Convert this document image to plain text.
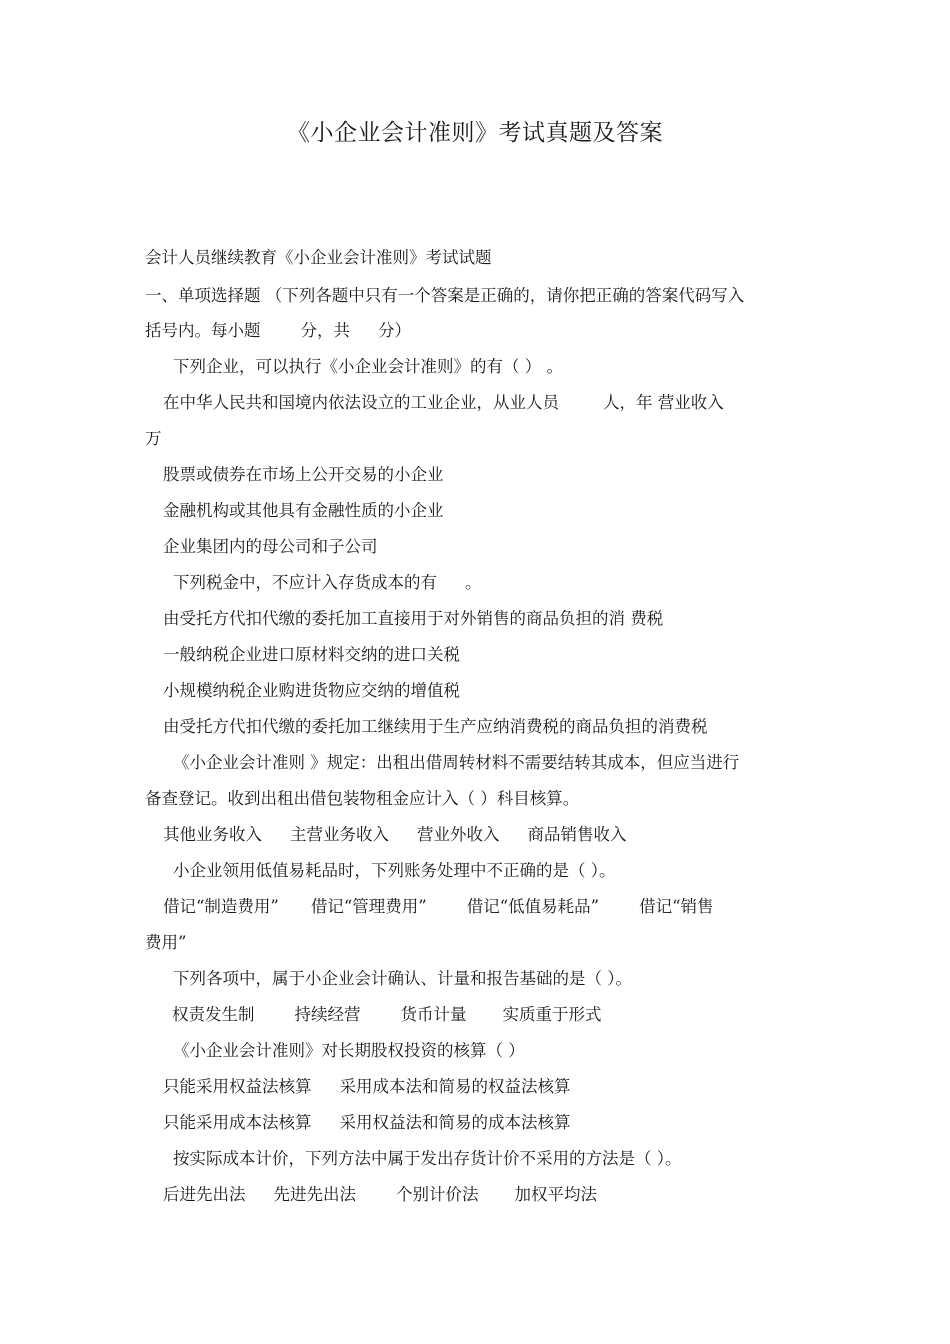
《小企业会计准则》考试真题及答案
会计人员继续教育《小企业会计准则》考试试题
一、单项选择题 （下列各题中只有一个答案是正确的，请你把正确的答案代码写入
括号内。每小题 分，共 分）
下列企业，可以执行《小企业会计准则》的有（ ） 。
在中华人民共和国境内依法设立的工业企业，从业人员	人，年 营业收入
万
股票或债券在市场上公开交易的小企业
金融机构或其他具有金融性质的小企业
企业集团内的母公司和子公司
下列税金中，不应计入存货成本的有 。
由受托方代扣代缴的委托加工直接用于对外销售的商品负担的消 费税
一般纳税企业进口原材料交纳的进口关税
小规模纳税企业购进货物应交纳的增值税
由受托方代扣代缴的委托加工继续用于生产应纳消费税的商品负担的消费税
《小企业会计准则 》规定：出租出借周转材料不需要结转其成本，但应当进行
备查登记。收到出租出借包装物租金应计入（ ）科目核算。
其他业务收入 主营业务收入 营业外收入 商品销售收入
小企业领用低值易耗品时，下列账务处理中不正确的是（ ）。
借记“制造费用” 借记“管理费用” 借记“低值易耗品” 借记“销售
费用”
下列各项中，属于小企业会计确认、计量和报告基础的是（ ）。
权责发生制 持续经营 货币计量 实质重于形式
《小企业会计准则》对长期股权投资的核算（ ）
只能采用权益法核算 采用成本法和简易的权益法核算
只能采用成本法核算 采用权益法和简易的成本法核算
按实际成本计价，下列方法中属于发出存货计价不采用的方法是（ ）。
后进先出法 先进先出法 个别计价法 加权平均法
